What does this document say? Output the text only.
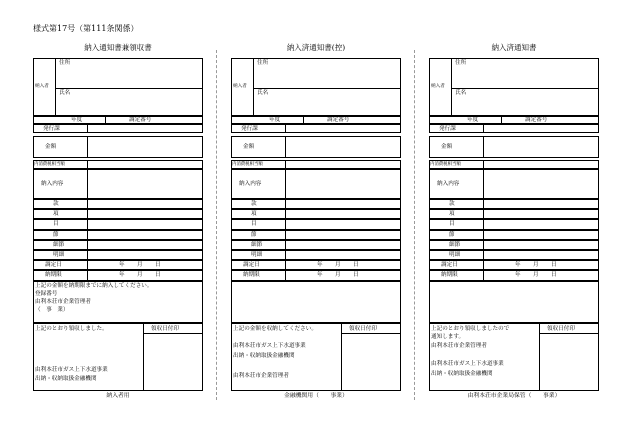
様式第17号（第111条関係）
納入通知書兼領収書
納入者
住所
氏名
年度	調定番号
発行課
金額
内消費税相当額
納入内容
款
項
目
節
細節
明細
調定日	年 月 日
納期限	年 月 日
上記の金額を納期限までに納入してください。
登録番号
由利本荘市企業管理者
（　事　業）
領収日付印
上記のとおり領収しました。
由利本荘市ガス上下水道事業
出納・収納取扱金融機関
納入者用
納入済通知書(控)
納入者
住所
氏名
年度	調定番号
発行課
金額
内消費税相当額
納入内容
款
項
目
節
細節
明細
調定日	年 月 日
納期限	年 月 日
領収日付印
上記の金額を収納してください。
由利本荘市ガス上下水道事業
出納・収納取扱金融機関
由利本荘市企業管理者
金融機関用（　　事業）
納入済通知書
納入者
住所
氏名
年度	調定番号
発行課
金額
内消費税相当額
納入内容
款
項
目
節
細節
明細
調定日	年 月 日
納期限	年 月 日
領収日付印
上記のとおり領収しましたので
通知します。
由利本荘市企業管理者
由利本荘市ガス上下水道事業
出納・収納取扱金融機関
由利本荘市企業局保管（　　事業）
